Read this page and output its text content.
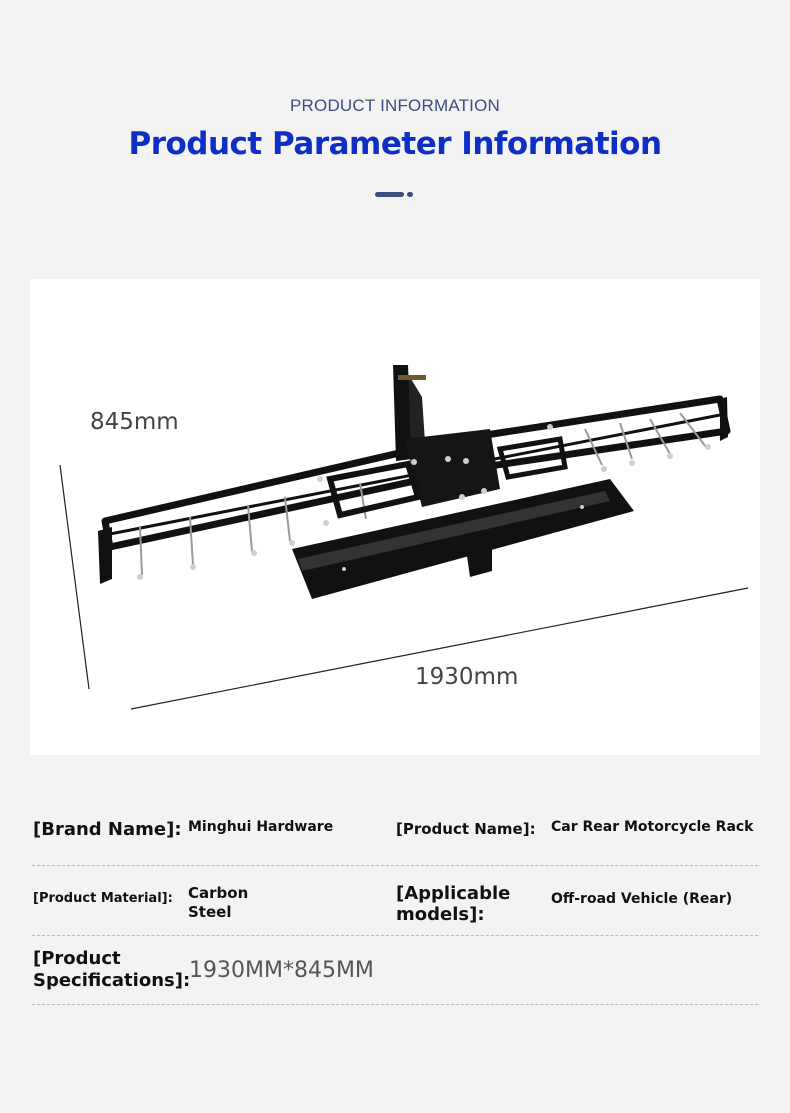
PRODUCT INFORMATION
Product Parameter Information
845mm
1930mm
[Brand Name]: Minghui Hardware	[Product Name]: Car Rear Motorcycle Rack
[Product Material]: Carbon
Steel
[Applicable
models]:
Off-road Vehicle (Rear)
[Product
Specifications]:
1930MM*845MM
